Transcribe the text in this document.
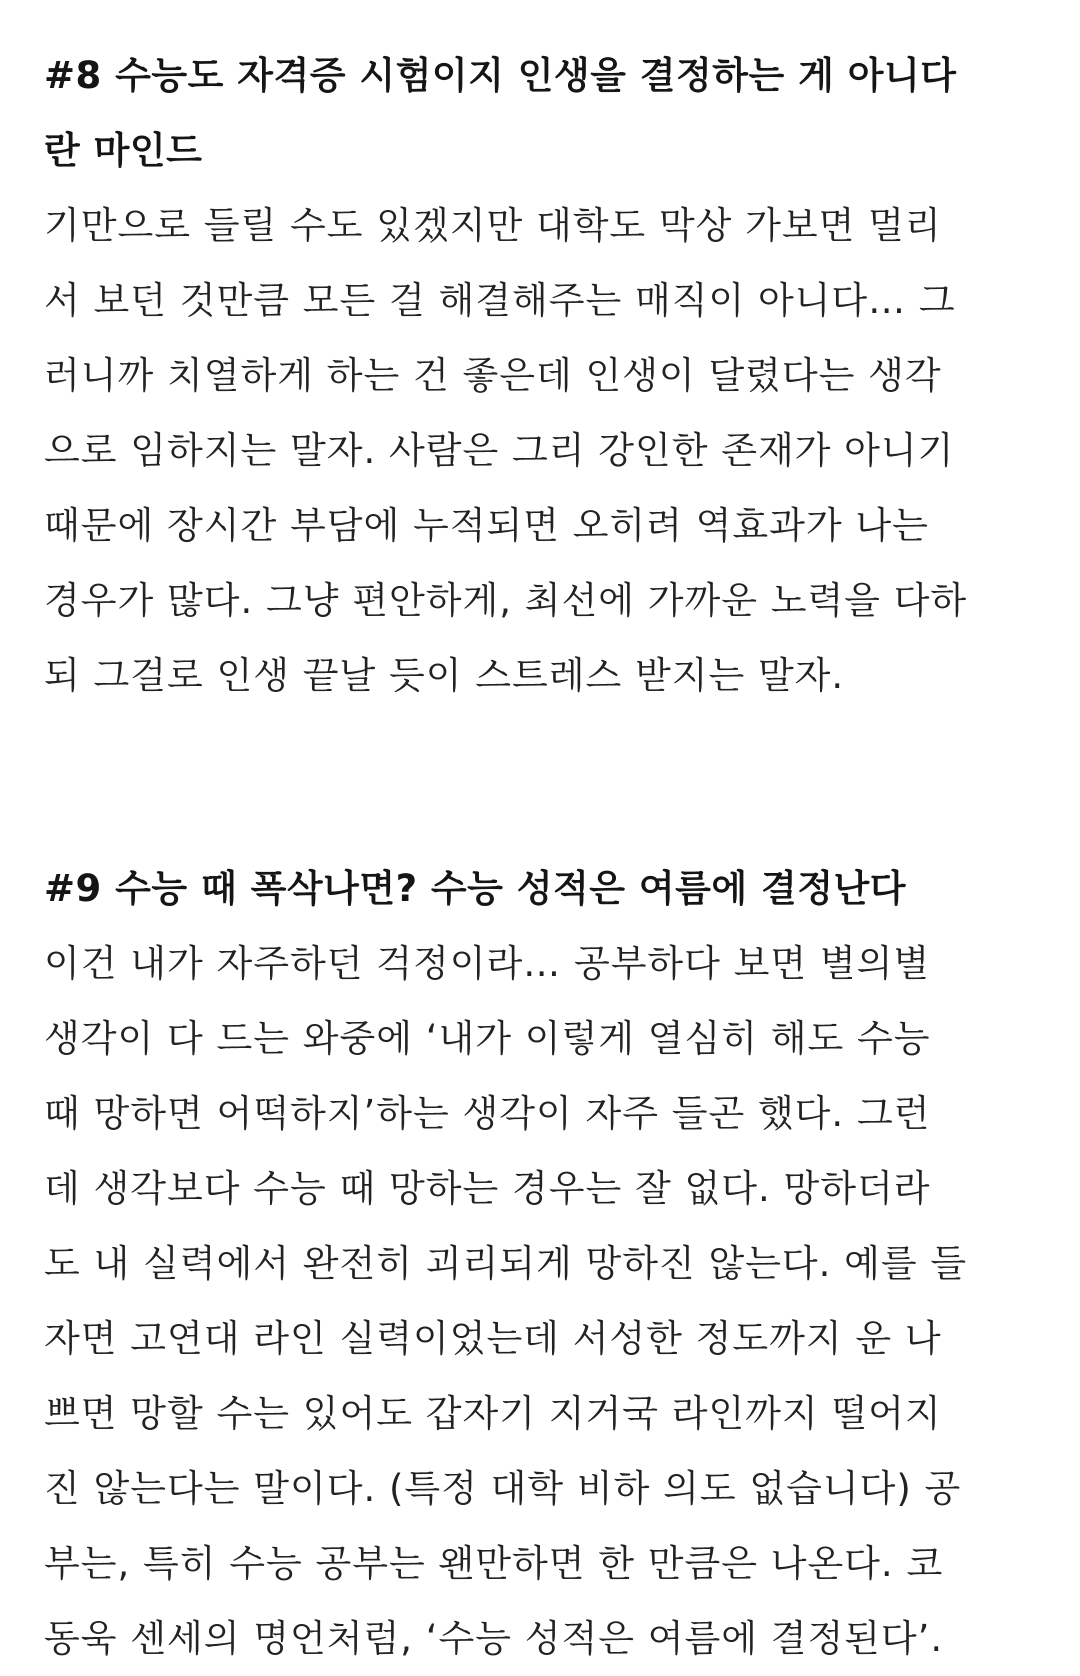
#8 수능도 자격증 시험이지 인생을 결정하는 게 아니다
란 마인드

기만으로 들릴 수도 있겠지만 대학도 막상 가보면 멀리
서 보던 것만큼 모든 걸 해결해주는 매직이 아니다… 그
러니까 치열하게 하는 건 좋은데 인생이 달렸다는 생각
으로 임하지는 말자. 사람은 그리 강인한 존재가 아니기
때문에 장시간 부담에 누적되면 오히려 역효과가 나는
경우가 많다. 그냥 편안하게, 최선에 가까운 노력을 다하
되 그걸로 인생 끝날 듯이 스트레스 받지는 말자.

#9 수능 때 폭삭나면? 수능 성적은 여름에 결정난다

이건 내가 자주하던 걱정이라… 공부하다 보면 별의별
생각이 다 드는 와중에 ‘내가 이렇게 열심히 해도 수능
때 망하면 어떡하지’하는 생각이 자주 들곤 했다. 그런
데 생각보다 수능 때 망하는 경우는 잘 없다. 망하더라
도 내 실력에서 완전히 괴리되게 망하진 않는다. 예를 들
자면 고연대 라인 실력이었는데 서성한 정도까지 운 나
쁘면 망할 수는 있어도 갑자기 지거국 라인까지 떨어지
진 않는다는 말이다. (특정 대학 비하 의도 없습니다) 공
부는, 특히 수능 공부는 왠만하면 한 만큼은 나온다. 코
동욱 센세의 명언처럼, ‘수능 성적은 여름에 결정된다’.
